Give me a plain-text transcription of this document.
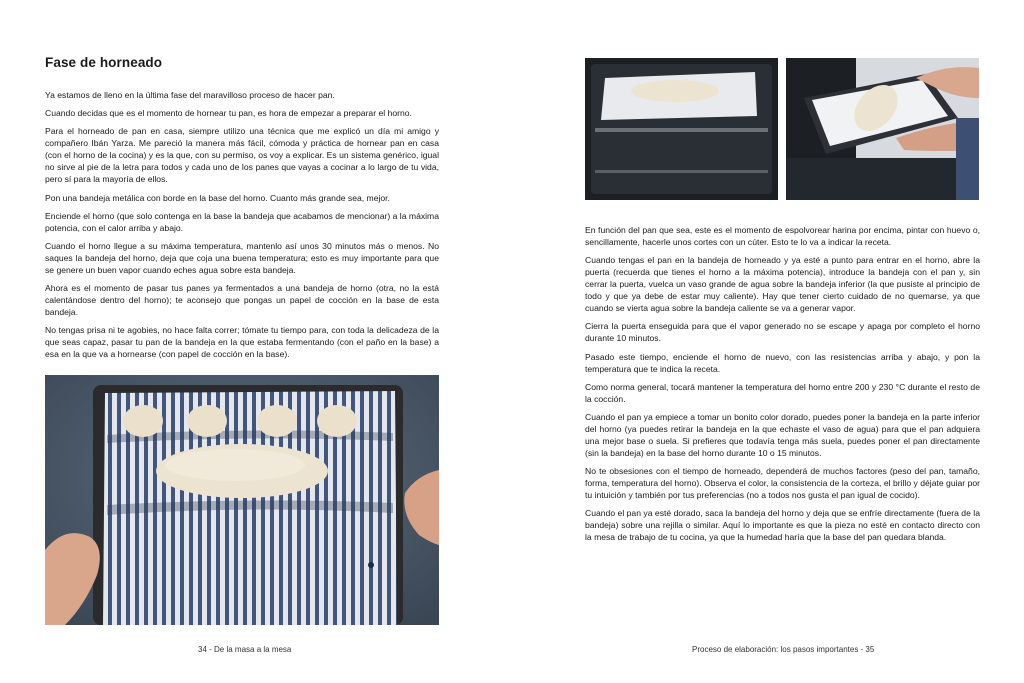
Fase de horneado

Ya estamos de lleno en la última fase del maravilloso proceso de hacer pan.

Cuando decidas que es el momento de hornear tu pan, es hora de empezar a preparar el horno.

Para el horneado de pan en casa, siempre utilizo una técnica que me explicó un día mi amigo y compañero Ibán Yarza. Me pareció la manera más fácil, cómoda y práctica de hornear pan en casa (con el horno de la cocina) y es la que, con su permiso, os voy a explicar. Es un sistema genérico, igual no sirve al pie de la letra para todos y cada uno de los panes que vayas a cocinar a lo largo de tu vida, pero sí para la mayoría de ellos.

Pon una bandeja metálica con borde en la base del horno. Cuanto más grande sea, mejor.

Enciende el horno (que solo contenga en la base la bandeja que acabamos de mencionar) a la máxima potencia, con el calor arriba y abajo.

Cuando el horno llegue a su máxima temperatura, mantenlo así unos 30 minutos más o menos. No saques la bandeja del horno, deja que coja una buena temperatura; esto es muy importante para que se genere un buen vapor cuando eches agua sobre esta bandeja.

Ahora es el momento de pasar tus panes ya fermentados a una bandeja de horno (otra, no la está calentándose dentro del horno); te aconsejo que pongas un papel de cocción en la base de esta bandeja.

No tengas prisa ni te agobies, no hace falta correr; tómate tu tiempo para, con toda la delicadeza de la que seas capaz, pasar tu pan de la bandeja en la que estaba fermentando (con el paño en la base) a esa en la que va a hornearse (con papel de cocción en la base).

34 - De la masa a la mesa

En función del pan que sea, este es el momento de espolvorear harina por encima, pintar con huevo o, sencillamente, hacerle unos cortes con un cúter. Esto te lo va a indicar la receta.

Cuando tengas el pan en la bandeja de horneado y ya esté a punto para entrar en el horno, abre la puerta (recuerda que tienes el horno a la máxima potencia), introduce la bandeja con el pan y, sin cerrar la puerta, vuelca un vaso grande de agua sobre la bandeja inferior (la que pusiste al principio de todo y que ya debe de estar muy caliente). Hay que tener cierto cuidado de no quemarse, ya que cuando se vierta agua sobre la bandeja caliente se va a generar vapor.

Cierra la puerta enseguida para que el vapor generado no se escape y apaga por completo el horno durante 10 minutos.

Pasado este tiempo, enciende el horno de nuevo, con las resistencias arriba y abajo, y pon la temperatura que te indica la receta.

Como norma general, tocará mantener la temperatura del horno entre 200 y 230 °C durante el resto de la cocción.

Cuando el pan ya empiece a tomar un bonito color dorado, puedes poner la bandeja en la parte inferior del horno (ya puedes retirar la bandeja en la que echaste el vaso de agua) para que el pan adquiera una mejor base o suela. Si prefieres que todavía tenga más suela, puedes poner el pan directamente (sin la bandeja) en la base del horno durante 10 o 15 minutos.

No te obsesiones con el tiempo de horneado, dependerá de muchos factores (peso del pan, tamaño, forma, temperatura del horno). Observa el color, la consistencia de la corteza, el brillo y déjate guiar por tu intuición y también por tus preferencias (no a todos nos gusta el pan igual de cocido).

Cuando el pan ya esté dorado, saca la bandeja del horno y deja que se enfríe directamente (fuera de la bandeja) sobre una rejilla o similar. Aquí lo importante es que la pieza no esté en contacto directo con la mesa de trabajo de tu cocina, ya que la humedad haría que la base del pan quedara blanda.

Proceso de elaboración: los pasos importantes - 35
